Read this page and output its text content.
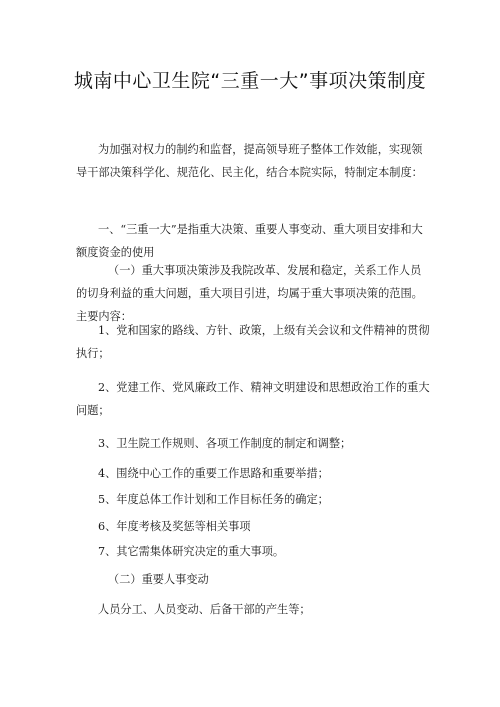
城南中心卫生院“三重一大”事项决策制度

为加强对权力的制约和监督，提高领导班子整体工作效能，实现领导干部决策科学化、规范化、民主化，结合本院实际，特制定本制度：

一、“三重一大”是指重大决策、重要人事变动、重大项目安排和大额度资金的使用

（一）重大事项决策涉及我院改革、发展和稳定，关系工作人员的切身利益的重大问题，重大项目引进，均属于重大事项决策的范围。主要内容：

1、党和国家的路线、方针、政策，上级有关会议和文件精神的贯彻执行；

2、党建工作、党风廉政工作、精神文明建设和思想政治工作的重大问题；

3、卫生院工作规则、各项工作制度的制定和调整；

4、围绕中心工作的重要工作思路和重要举措；

5、年度总体工作计划和工作目标任务的确定；

6、年度考核及奖惩等相关事项

7、其它需集体研究决定的重大事项。

（二）重要人事变动

人员分工、人员变动、后备干部的产生等；
